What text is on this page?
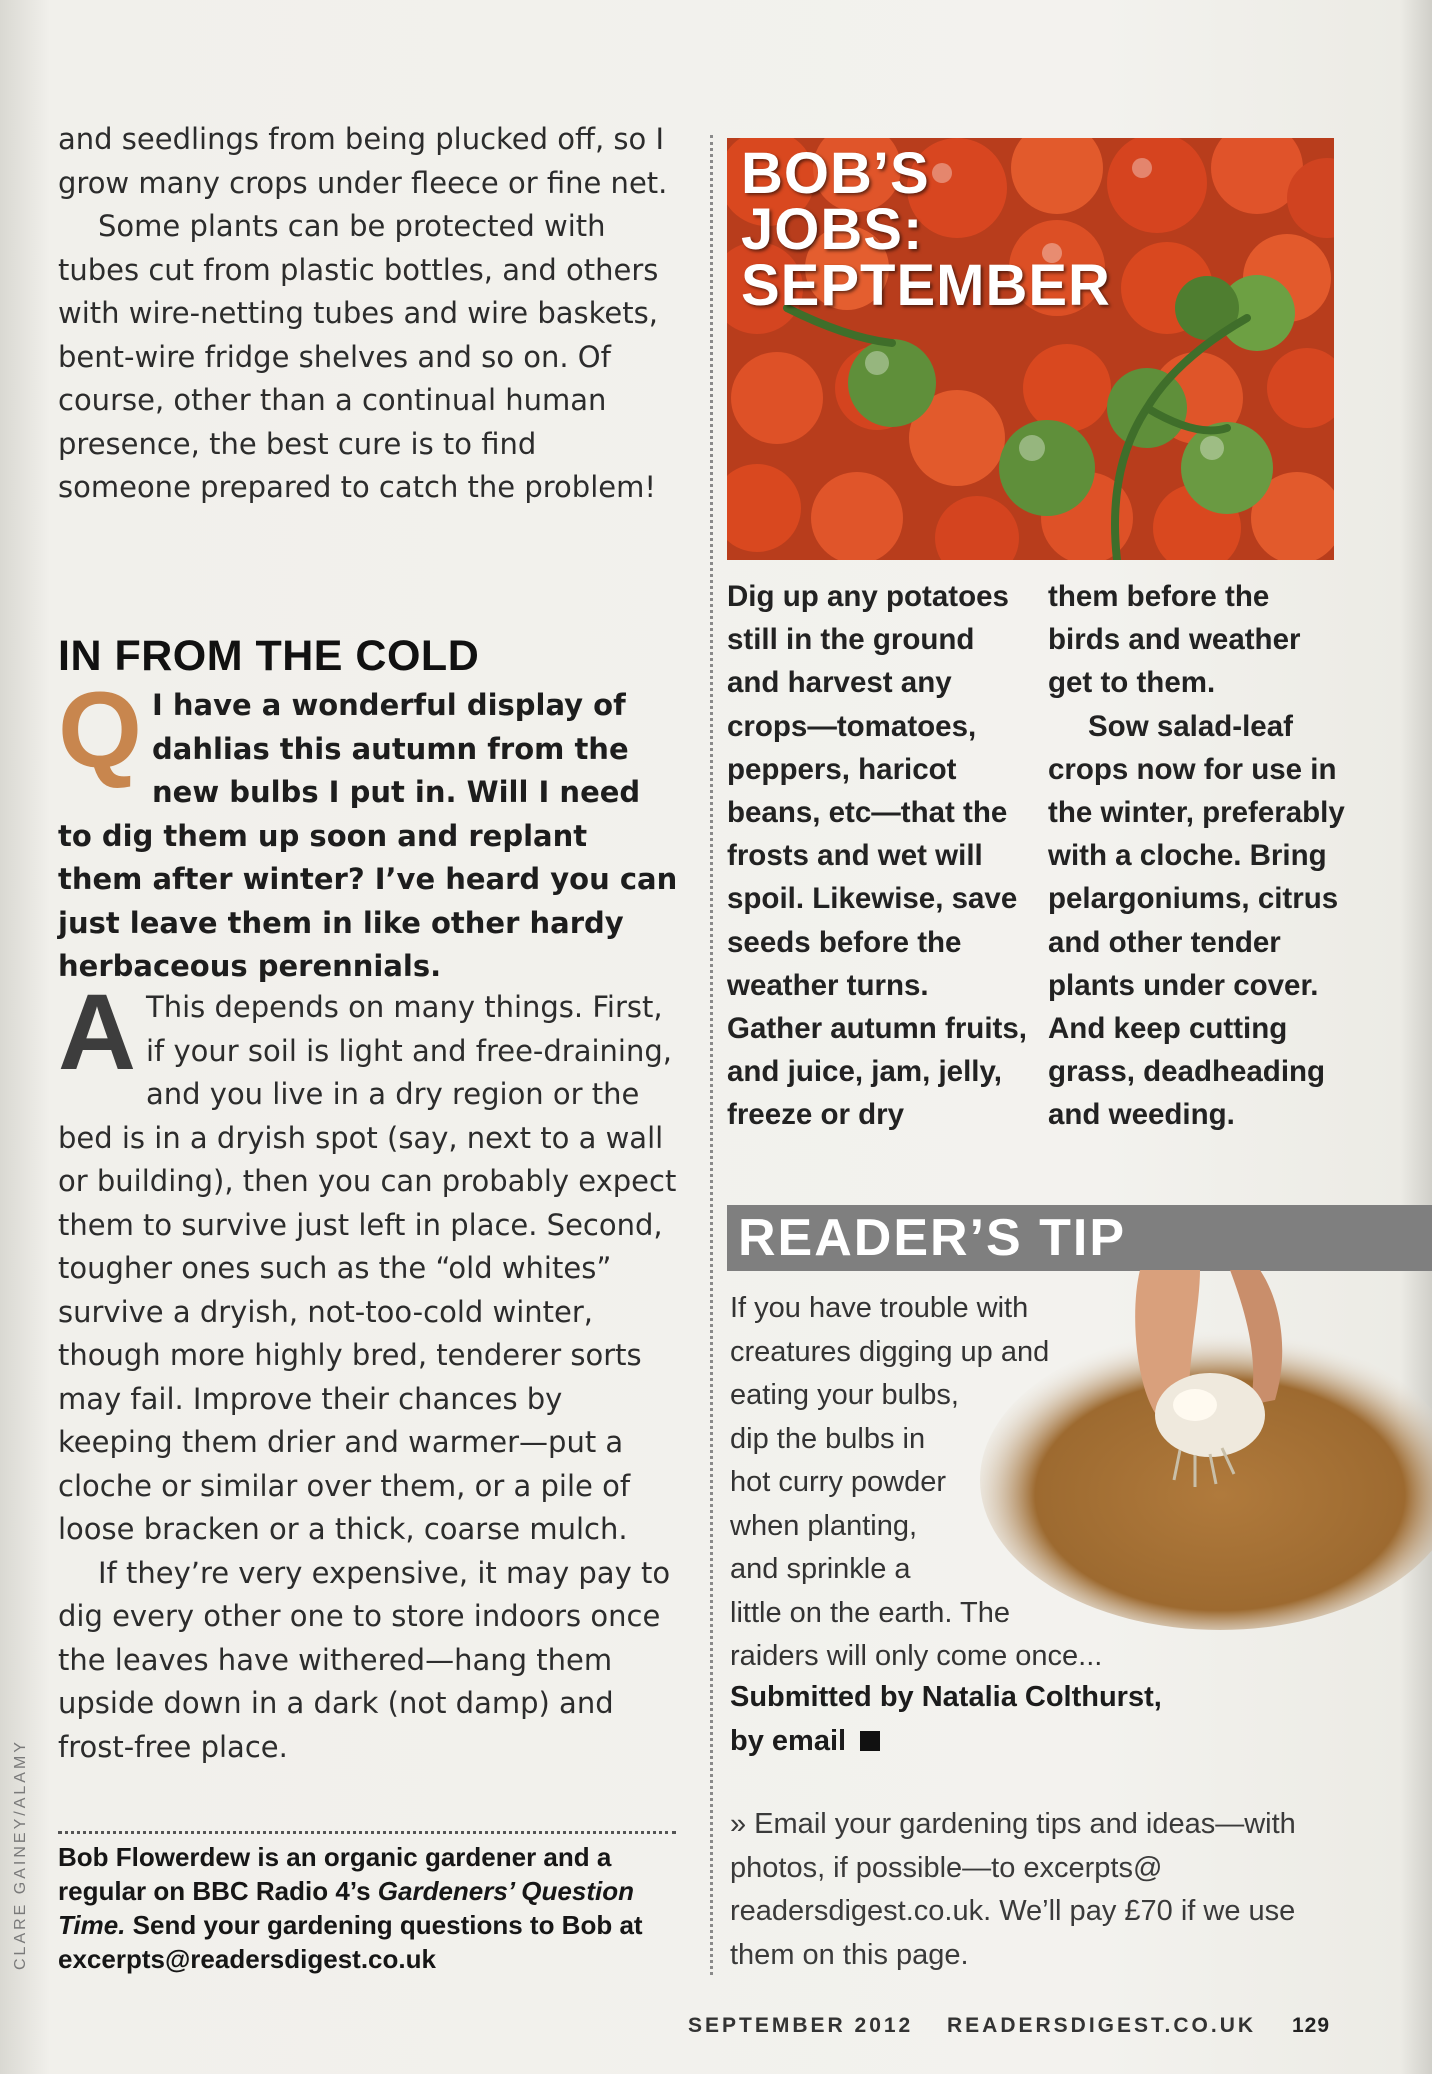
and seedlings from being plucked off, so I grow many crops under fleece or fine net.

Some plants can be protected with tubes cut from plastic bottles, and others with wire-netting tubes and wire baskets, bent-wire fridge shelves and so on. Of course, other than a continual human presence, the best cure is to find someone prepared to catch the problem!

IN FROM THE COLD
Q I have a wonderful display of dahlias this autumn from the new bulbs I put in. Will I need to dig them up soon and replant them after winter? I’ve heard you can just leave them in like other hardy herbaceous perennials.

A This depends on many things. First, if your soil is light and free-draining, and you live in a dry region or the bed is in a dryish spot (say, next to a wall or building), then you can probably expect them to survive just left in place. Second, tougher ones such as the “old whites” survive a dryish, not-too-cold winter, though more highly bred, tenderer sorts may fail. Improve their chances by keeping them drier and warmer—put a cloche or similar over them, or a pile of loose bracken or a thick, coarse mulch.

If they’re very expensive, it may pay to dig every other one to store indoors once the leaves have withered—hang them upside down in a dark (not damp) and frost-free place.

CLARE GAINEY/ALAMY Bob Flowerdew is an organic gardener and a regular on BBC Radio 4’s Gardeners’ Question Time. Send your gardening questions to Bob at excerpts@readersdigest.co.uk

BOB’S
JOBS:
SEPTEMBER

Dig up any potatoes still in the ground and harvest any crops—tomatoes, peppers, haricot beans, etc—that the frosts and wet will spoil. Likewise, save seeds before the weather turns. Gather autumn fruits, and juice, jam, jelly, freeze or dry

them before the birds and weather get to them.

Sow salad-leaf crops now for use in the winter, preferably with a cloche. Bring pelargoniums, citrus and other tender plants under cover. And keep cutting grass, deadheading and weeding.

READER’S TIP

If you have trouble with
creatures digging up and
eating your bulbs,
dip the bulbs in
hot curry powder
when planting,
and sprinkle a
little on the earth. The
raiders will only come once...

Submitted by Natalia Colthurst,
by email

» Email your gardening tips and ideas—with photos, if possible—to excerpts@ readersdigest.co.uk. We’ll pay £70 if we use them on this page.

SEPTEMBER 2012 READERSDIGEST.CO.UK 129
